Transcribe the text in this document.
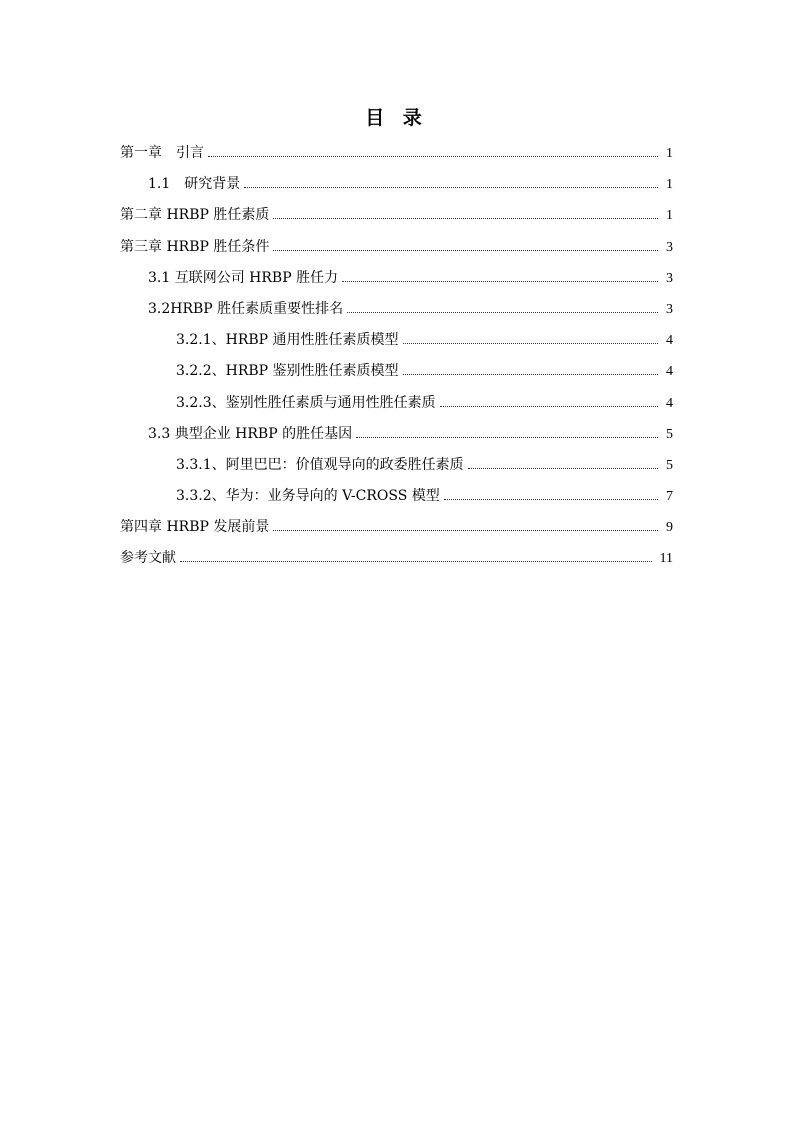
目 录
第一章　引言	1
1.1　研究背景	1
第二章 HRBP 胜任素质	1
第三章 HRBP 胜任条件	3
3.1 互联网公司 HRBP 胜任力	3
3.2HRBP 胜任素质重要性排名	3
3.2.1、HRBP 通用性胜任素质模型	4
3.2.2、HRBP 鉴别性胜任素质模型	4
3.2.3、鉴别性胜任素质与通用性胜任素质	4
3.3 典型企业 HRBP 的胜任基因	5
3.3.1、阿里巴巴：价值观导向的政委胜任素质	5
3.3.2、华为：业务导向的 V-CROSS 模型	7
第四章 HRBP 发展前景	9
参考文献	11
